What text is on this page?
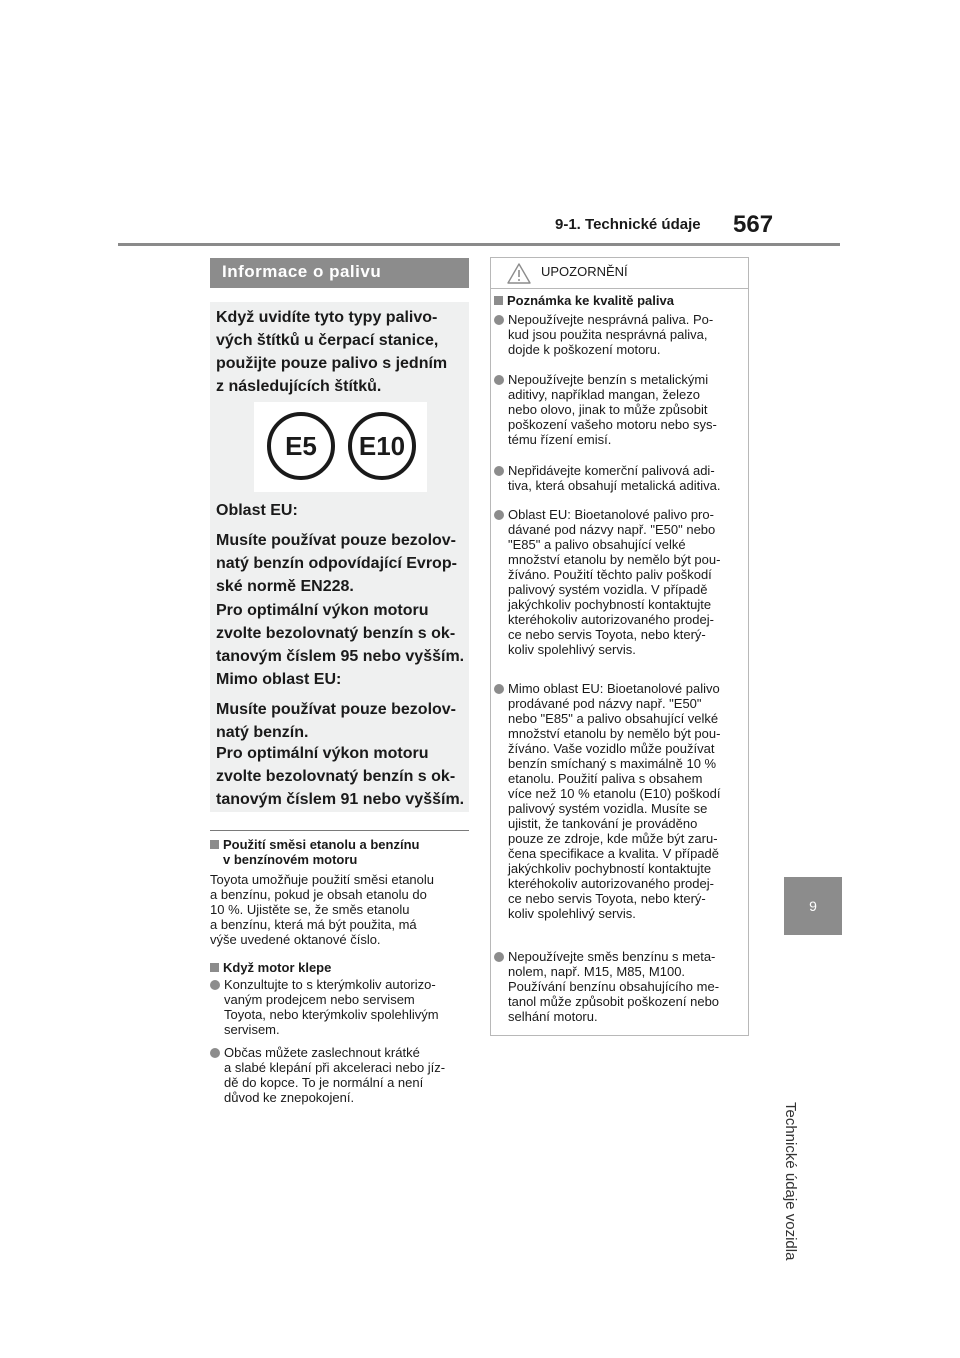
9-1. Technické údaje 567
9
Technické údaje vozidla
Informace o palivu
Když uvidíte tyto typy palivo-
vých štítků u čerpací stanice,
použijte pouze palivo s jedním
z následujících štítků.
E5	E10
Oblast EU:
Musíte používat pouze bezolov-
natý benzín odpovídající Evrop-
ské normě EN228.
Pro optimální výkon motoru
zvolte bezolovnatý benzín s ok-
tanovým číslem 95 nebo vyšším.
Mimo oblast EU:
Musíte používat pouze bezolov-
natý benzín.
Pro optimální výkon motoru
zvolte bezolovnatý benzín s ok-
tanovým číslem 91 nebo vyšším.
Použití směsi etanolu a benzínu
v benzínovém motoru
Toyota umožňuje použití směsi etanolu
a benzínu, pokud je obsah etanolu do
10 %. Ujistěte se, že směs etanolu
a benzínu, která má být použita, má
výše uvedené oktanové číslo.
Když motor klepe
Konzultujte to s kterýmkoliv autorizo-
vaným prodejcem nebo servisem
Toyota, nebo kterýmkoliv spolehlivým
servisem.
Občas můžete zaslechnout krátké
a slabé klepání při akceleraci nebo jíz-
dě do kopce. To je normální a není
důvod ke znepokojení.
UPOZORNĚNÍ
Poznámka ke kvalitě paliva
Nepoužívejte nesprávná paliva. Po-
kud jsou použita nesprávná paliva,
dojde k poškození motoru.
Nepoužívejte benzín s metalickými
aditivy, například mangan, železo
nebo olovo, jinak to může způsobit
poškození vašeho motoru nebo sys-
tému řízení emisí.
Nepřidávejte komerční palivová adi-
tiva, která obsahují metalická aditiva.
Oblast EU: Bioetanolové palivo pro-
dávané pod názvy např. "E50" nebo
"E85" a palivo obsahující velké
množství etanolu by nemělo být pou-
žíváno. Použití těchto paliv poškodí
palivový systém vozidla. V případě
jakýchkoliv pochybností kontaktujte
kteréhokoliv autorizovaného prodej-
ce nebo servis Toyota, nebo který-
koliv spolehlivý servis.
Mimo oblast EU: Bioetanolové palivo
prodávané pod názvy např. "E50"
nebo "E85" a palivo obsahující velké
množství etanolu by nemělo být pou-
žíváno. Vaše vozidlo může používat
benzín smíchaný s maximálně 10 %
etanolu. Použití paliva s obsahem
více než 10 % etanolu (E10) poškodí
palivový systém vozidla. Musíte se
ujistit, že tankování je prováděno
pouze ze zdroje, kde může být zaru-
čena specifikace a kvalita. V případě
jakýchkoliv pochybností kontaktujte
kteréhokoliv autorizovaného prodej-
ce nebo servis Toyota, nebo který-
koliv spolehlivý servis.
Nepoužívejte směs benzínu s meta-
nolem, např. M15, M85, M100.
Používání benzínu obsahujícího me-
tanol může způsobit poškození nebo
selhání motoru.
